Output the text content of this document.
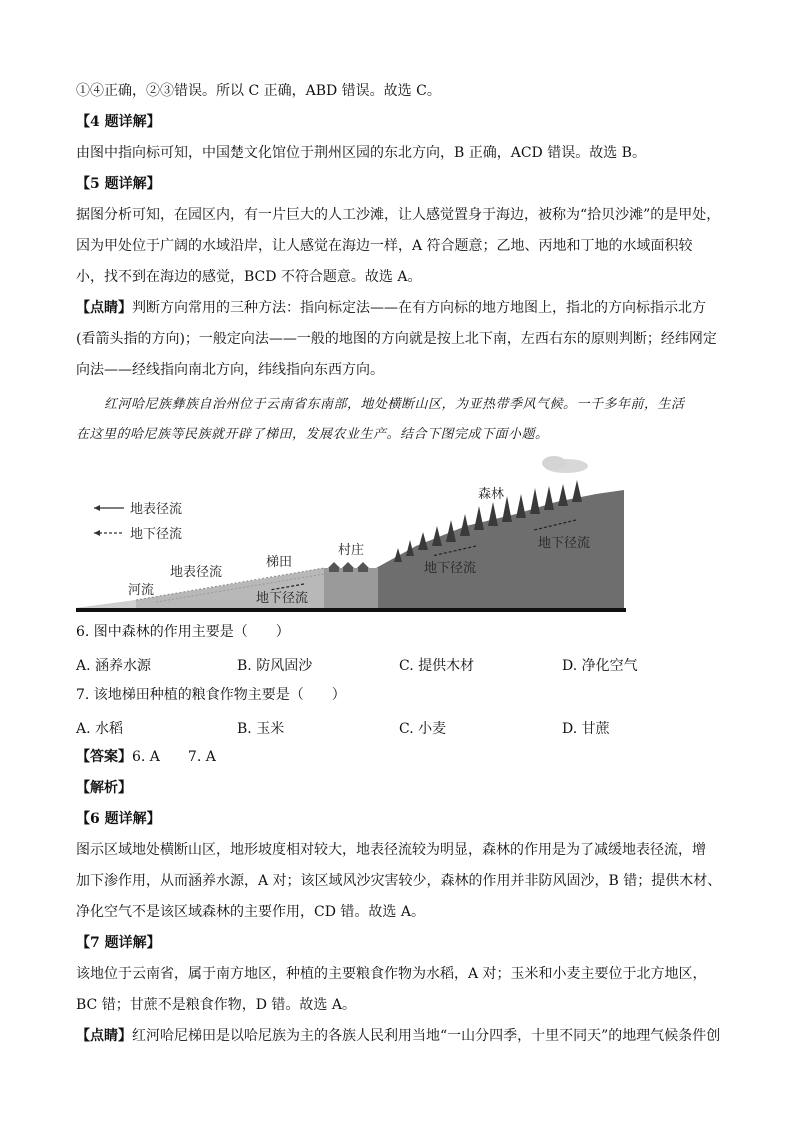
①④正确，②③错误。所以 C 正确，ABD 错误。故选 C。
【4 题详解】
由图中指向标可知，中国楚文化馆位于荆州区园的东北方向，B 正确，ACD 错误。故选 B。
【5 题详解】
据图分析可知，在园区内，有一片巨大的人工沙滩，让人感觉置身于海边，被称为“拾贝沙滩”的是甲处，
因为甲处位于广阔的水域沿岸，让人感觉在海边一样，A 符合题意；乙地、丙地和丁地的水域面积较
小，找不到在海边的感觉，BCD 不符合题意。故选 A。
【点睛】判断方向常用的三种方法：指向标定法——在有方向标的地方地图上，指北的方向标指示北方
(看箭头指的方向)；一般定向法——一般的地图的方向就是按上北下南，左西右东的原则判断；经纬网定
向法——经线指向南北方向，纬线指向东西方向。
红河哈尼族彝族自治州位于云南省东南部，地处横断山区，为亚热带季风气候。一千多年前，生活
在这里的哈尼族等民族就开辟了梯田，发展农业生产。结合下图完成下面小题。
地表径流
地下径流
森林
村庄
梯田
地表径流
河流
地下径流
地下径流
地下径流
6. 图中森林的作用主要是（　　）
A. 涵养水源	B. 防风固沙	C. 提供木材	D. 净化空气
7. 该地梯田种植的粮食作物主要是（　　）
A. 水稻	B. 玉米	C. 小麦	D. 甘蔗
【答案】6. A　　7. A
【解析】
【6 题详解】
图示区域地处横断山区，地形坡度相对较大，地表径流较为明显，森林的作用是为了减缓地表径流，增
加下渗作用，从而涵养水源，A 对；该区域风沙灾害较少，森林的作用并非防风固沙，B 错；提供木材、
净化空气不是该区域森林的主要作用，CD 错。故选 A。
【7 题详解】
该地位于云南省，属于南方地区，种植的主要粮食作物为水稻，A 对；玉米和小麦主要位于北方地区，
BC 错；甘蔗不是粮食作物，D 错。故选 A。
【点睛】红河哈尼梯田是以哈尼族为主的各族人民利用当地“一山分四季，十里不同天”的地理气候条件创
